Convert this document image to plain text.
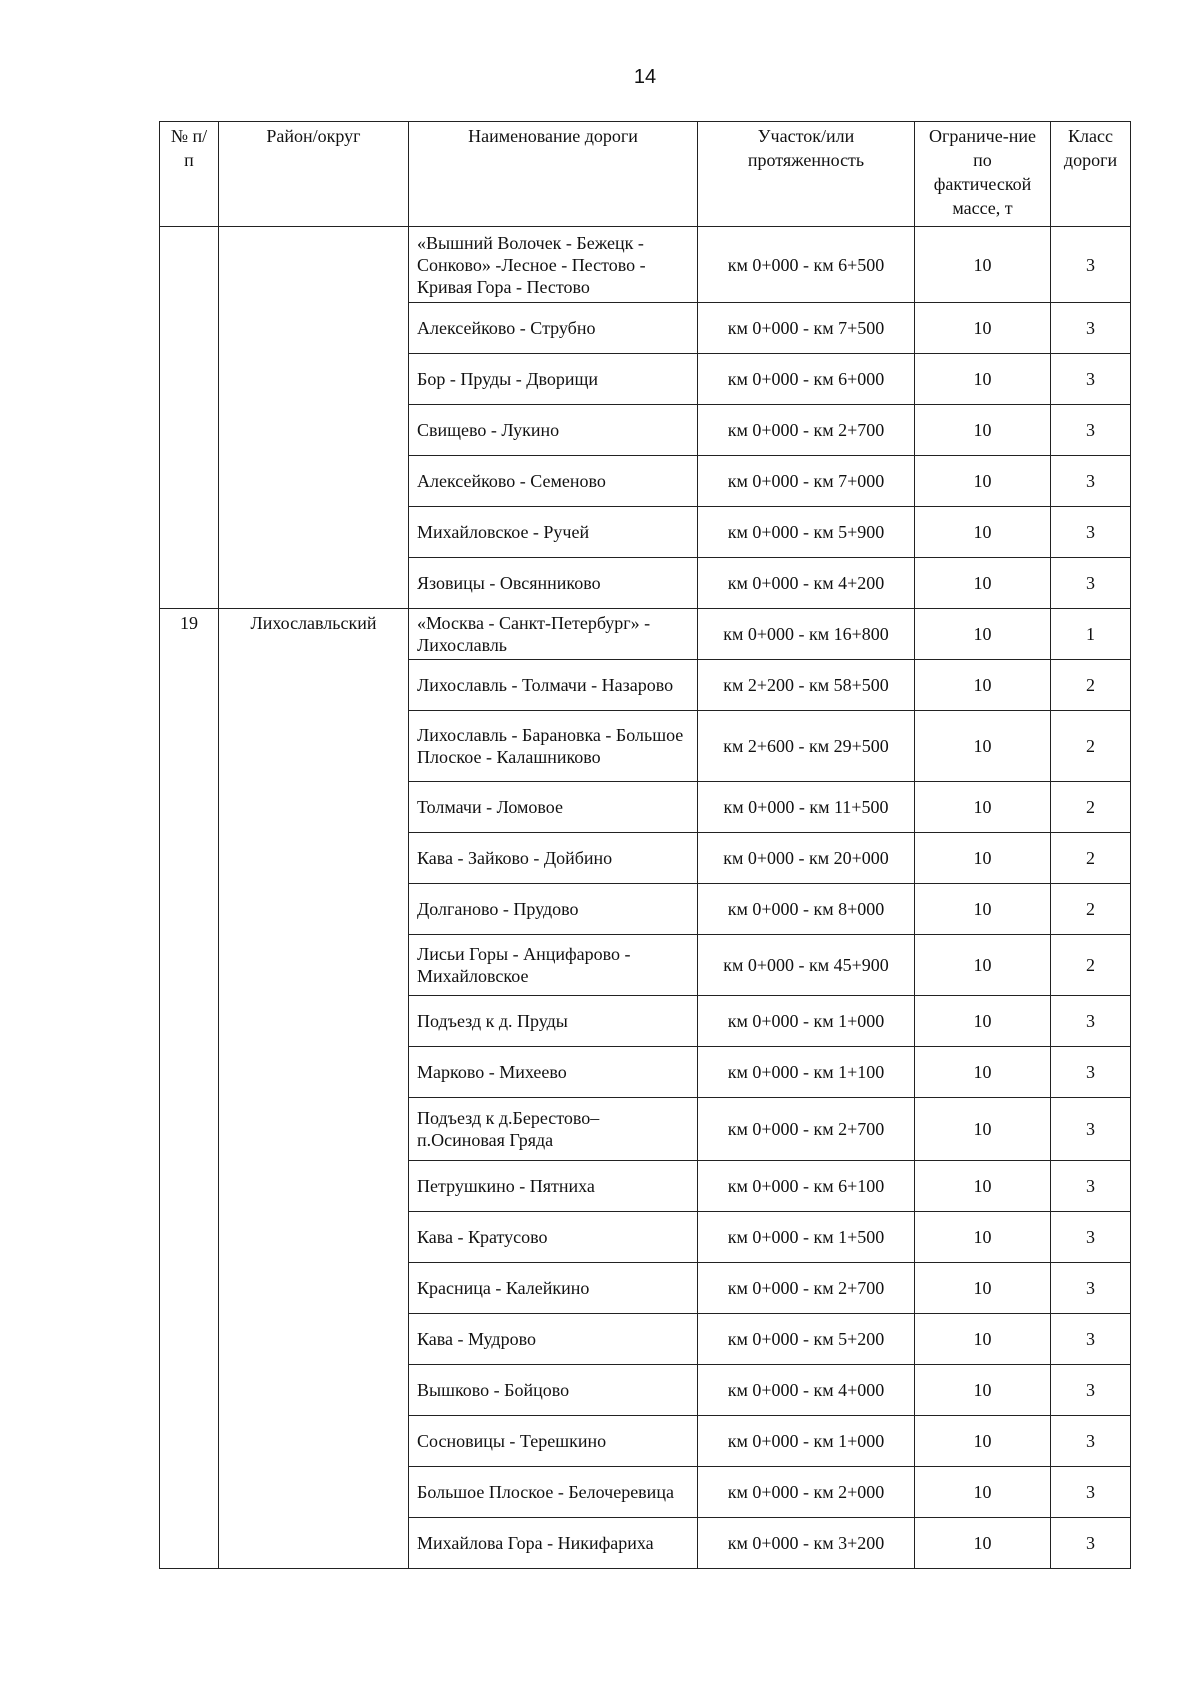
14
№ п/п	Район/округ	Наименование дороги	Участок/или протяженность	Ограниче-ние по фактической массе, т	Класс дороги
		«Вышний Волочек - Бежецк - Сонково» -Лесное - Пестово - Кривая Гора - Пестово	км 0+000 - км 6+500	10	3
		Алексейково - Струбно	км 0+000 - км 7+500	10	3
		Бор - Пруды - Дворищи	км 0+000 - км 6+000	10	3
		Свищево - Лукино	км 0+000 - км 2+700	10	3
		Алексейково - Семеново	км 0+000 - км 7+000	10	3
		Михайловское - Ручей	км 0+000 - км 5+900	10	3
		Язовицы - Овсянниково	км 0+000 - км 4+200	10	3
19	Лихославльский	«Москва - Санкт-Петербург» - Лихославль	км 0+000 - км 16+800	10	1
		Лихославль - Толмачи - Назарово	км 2+200 - км 58+500	10	2
		Лихославль - Барановка - Большое Плоское - Калашниково	км 2+600 - км 29+500	10	2
		Толмачи - Ломовое	км 0+000 - км 11+500	10	2
		Кава - Зайково - Дойбино	км 0+000 - км 20+000	10	2
		Долганово - Прудово	км 0+000 - км 8+000	10	2
		Лисьи Горы - Анцифарово - Михайловское	км 0+000 - км 45+900	10	2
		Подъезд к д. Пруды	км 0+000 - км 1+000	10	3
		Марково - Михеево	км 0+000 - км 1+100	10	3
		Подъезд к д.Берестово– п.Осиновая Гряда	км 0+000 - км 2+700	10	3
		Петрушкино - Пятниха	км 0+000 - км 6+100	10	3
		Кава - Кратусово	км 0+000 - км 1+500	10	3
		Красница - Калейкино	км 0+000 - км 2+700	10	3
		Кава - Мудрово	км 0+000 - км 5+200	10	3
		Вышково - Бойцово	км 0+000 - км 4+000	10	3
		Сосновицы - Терешкино	км 0+000 - км 1+000	10	3
		Большое Плоское - Белочеревица	км 0+000 - км 2+000	10	3
		Михайлова Гора - Никифариха	км 0+000 - км 3+200	10	3
